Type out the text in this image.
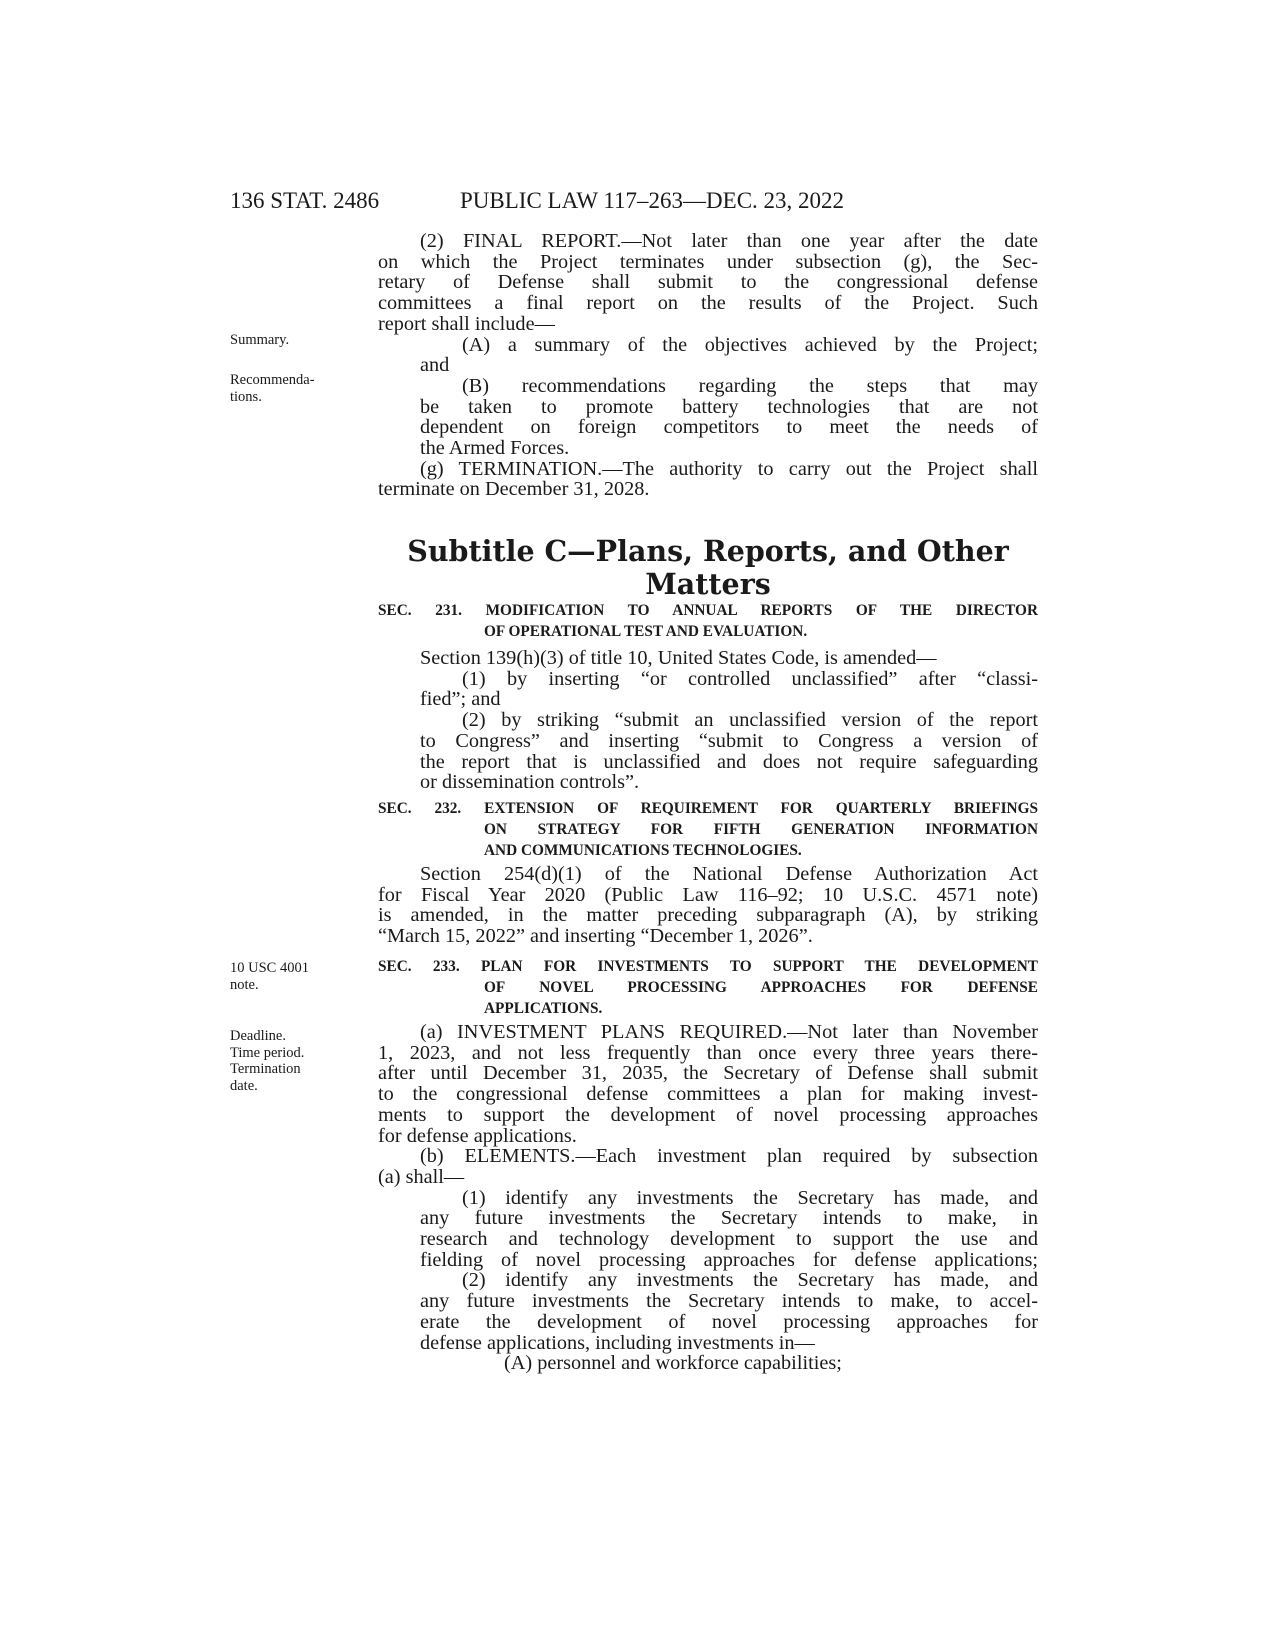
136 STAT. 2486	PUBLIC LAW 117–263—DEC. 23, 2022
Summary.
Recommenda-
tions.
10 USC 4001
note.
Deadline.
Time period.
Termination
date.

(2) FINAL REPORT.—Not later than one year after the date
on which the Project terminates under subsection (g), the Sec-
retary of Defense shall submit to the congressional defense
committees a final report on the results of the Project. Such
report shall include—

(A) a summary of the objectives achieved by the Project;
and

(B) recommendations regarding the steps that may
be taken to promote battery technologies that are not
dependent on foreign competitors to meet the needs of
the Armed Forces.

(g) TERMINATION.—The authority to carry out the Project shall
terminate on December 31, 2028.

Subtitle C—Plans, Reports, and Other
Matters
SEC. 231. MODIFICATION TO ANNUAL REPORTS OF THE DIRECTOR
OF OPERATIONAL TEST AND EVALUATION.

Section 139(h)(3) of title 10, United States Code, is amended—

(1) by inserting “or controlled unclassified” after “classi-
fied”; and

(2) by striking “submit an unclassified version of the report
to Congress” and inserting “submit to Congress a version of
the report that is unclassified and does not require safeguarding
or dissemination controls”.

SEC. 232. EXTENSION OF REQUIREMENT FOR QUARTERLY BRIEFINGS
ON STRATEGY FOR FIFTH GENERATION INFORMATION
AND COMMUNICATIONS TECHNOLOGIES.

Section 254(d)(1) of the National Defense Authorization Act
for Fiscal Year 2020 (Public Law 116–92; 10 U.S.C. 4571 note)
is amended, in the matter preceding subparagraph (A), by striking
“March 15, 2022” and inserting “December 1, 2026”.

SEC. 233. PLAN FOR INVESTMENTS TO SUPPORT THE DEVELOPMENT
OF NOVEL PROCESSING APPROACHES FOR DEFENSE
APPLICATIONS.

(a) INVESTMENT PLANS REQUIRED.—Not later than November
1, 2023, and not less frequently than once every three years there-
after until December 31, 2035, the Secretary of Defense shall submit
to the congressional defense committees a plan for making invest-
ments to support the development of novel processing approaches
for defense applications.

(b) ELEMENTS.—Each investment plan required by subsection
(a) shall—

(1) identify any investments the Secretary has made, and
any future investments the Secretary intends to make, in
research and technology development to support the use and
fielding of novel processing approaches for defense applications;

(2) identify any investments the Secretary has made, and
any future investments the Secretary intends to make, to accel-
erate the development of novel processing approaches for
defense applications, including investments in—

(A) personnel and workforce capabilities;
